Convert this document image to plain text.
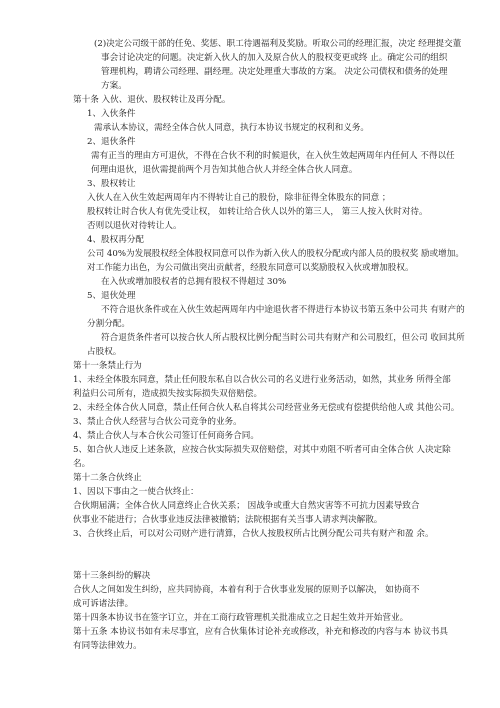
(2)决定公司级干部的任免、奖惩、职工待遇福利及奖励。听取公司的经理汇报，决定 经理提交董
事会讨论决定的问题。决定新入伙人的加入及原合伙人的股权变更或终 止。确定公司的组织
管理机构，聘请公司经理、副经理。决定处理重大事故的方案。 决定公司债权和债务的处理
方案。
第十条 入伙、退伙、股权转让及再分配。
1、入伙条件
需承认本协议，需经全体合伙人同意，执行本协议书规定的权利和义务。
2、退伙条件
需有正当的理由方可退伙，不得在合伙不利的时候退伙，在入伙生效起两周年内任何人 不得以任
何理由退伙，退伙需提前两个月告知其他合伙人并经全体合伙人同意。
3、股权转让
入伙人在入伙生效起两周年内不得转让自己的股份，除非征得全体股东的同意 ；
股权转让时合伙人有优先受让权， 如转让给合伙人以外的第三人， 第三人按入伙时对待。
否则以退伙对待转让人。
4、股权再分配
公司 40%为发展股权经全体股权同意可以作为新入伙人的股权分配或内部人员的股权奖 励或增加。
对工作能力出色，为公司做出突出贡献者，经股东同意可以奖励股权入伙或增加股权。
在入伙或增加股权者的总拥有股权不得超过 30%
5、退伙处理
不符合退伙条件或在入伙生效起两周年内中途退伙者不得进行本协议书第五条中公司共 有财产的
分割分配。
符合退货条件者可以按合伙人所占股权比例分配当时公司共有财产和公司股红，但公司 收回其所
占股权。
第十一条禁止行为
1、未经全体股东同意，禁止任何股东私自以合伙公司的名义进行业务活动，如然，其业务 所得全部
利益归公司所有，造成损失按实际损失双倍赔偿。
2、未经全体合伙人同意，禁止任何合伙人私自将其公司经营业务无偿或有偿提供给他人或 其他公司。
3、禁止合伙人经营与合伙公司竞争的业务。
4、禁止合伙人与本合伙公司签订任何商务合同。
5、如合伙人违反上述条款，应按合伙实际损失双倍赔偿，对其中劝阻不听者可由全体合伙 人决定除
名。
第十二条合伙终止
1、因以下事由之一使合伙终止：
合伙期届满；全体合伙人同意终止合伙关系； 因战争或重大自然灾害等不可抗力因素导致合
伙事业不能进行；合伙事业违反法律被撤销；法院根据有关当事人请求判决解散。
3、合伙终止后，可以对公司财产进行清算，合伙人按股权所占比例分配公司共有财产和盈 余。
第十三条纠纷的解决
合伙人之间如发生纠纷，应共同协商，本着有利于合伙事业发展的原则予以解决， 如协商不
成可诉诸法律。
第十四条本协议书在签字订立，并在工商行政管理机关批准成立之日起生效并开始营业。
第十五条 本协议书如有未尽事宜，应有合伙集体讨论补充或修改，补充和修改的内容与本 协议书具
有同等法律效力。
